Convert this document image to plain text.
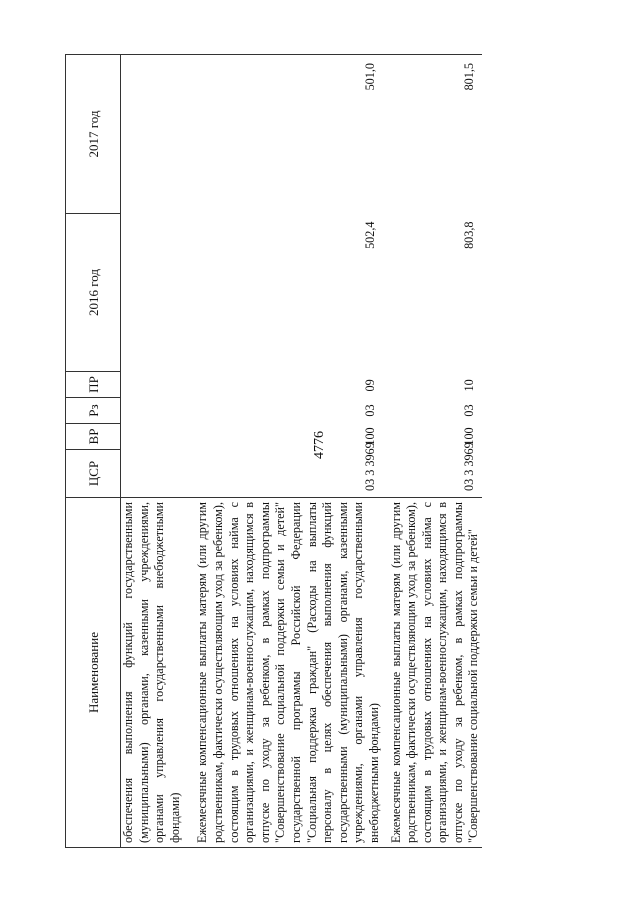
4776
Наименование	ЦСР	ВР	Рз	ПР	2016 год	2017 год
обеспечения выполнения функций государственными (муниципальными) органами, казенными учреждениями, органами управления государственными внебюджетными фондами)						
Ежемесячные компенсационные выплаты матерям (или другим родственникам, фактически осуществляющим уход за ребенком), состоящим в трудовых отношениях на условиях найма с организациями, и женщинам-военнослужащим, находящимся в отпуске по уходу за ребенком, в рамках подпрограммы "Совершенствование социальной поддержки семьи и детей" государственной программы Российской Федерации "Социальная поддержка граждан" (Расходы на выплаты персоналу в целях обеспечения выполнения функций государственными (муниципальными) органами, казенными учреждениями, органами управления государственными внебюджетными фондами)	03 3 3969	100	03	09	502,4	501,0
Ежемесячные компенсационные выплаты матерям (или другим родственникам, фактически осуществляющим уход за ребенком), состоящим в трудовых отношениях на условиях найма с организациями, и женщинам-военнослужащим, находящимся в отпуске по уходу за ребенком, в рамках подпрограммы "Совершенствование социальной поддержки семьи и детей"	03 3 3969	100	03	10	803,8	801,5
